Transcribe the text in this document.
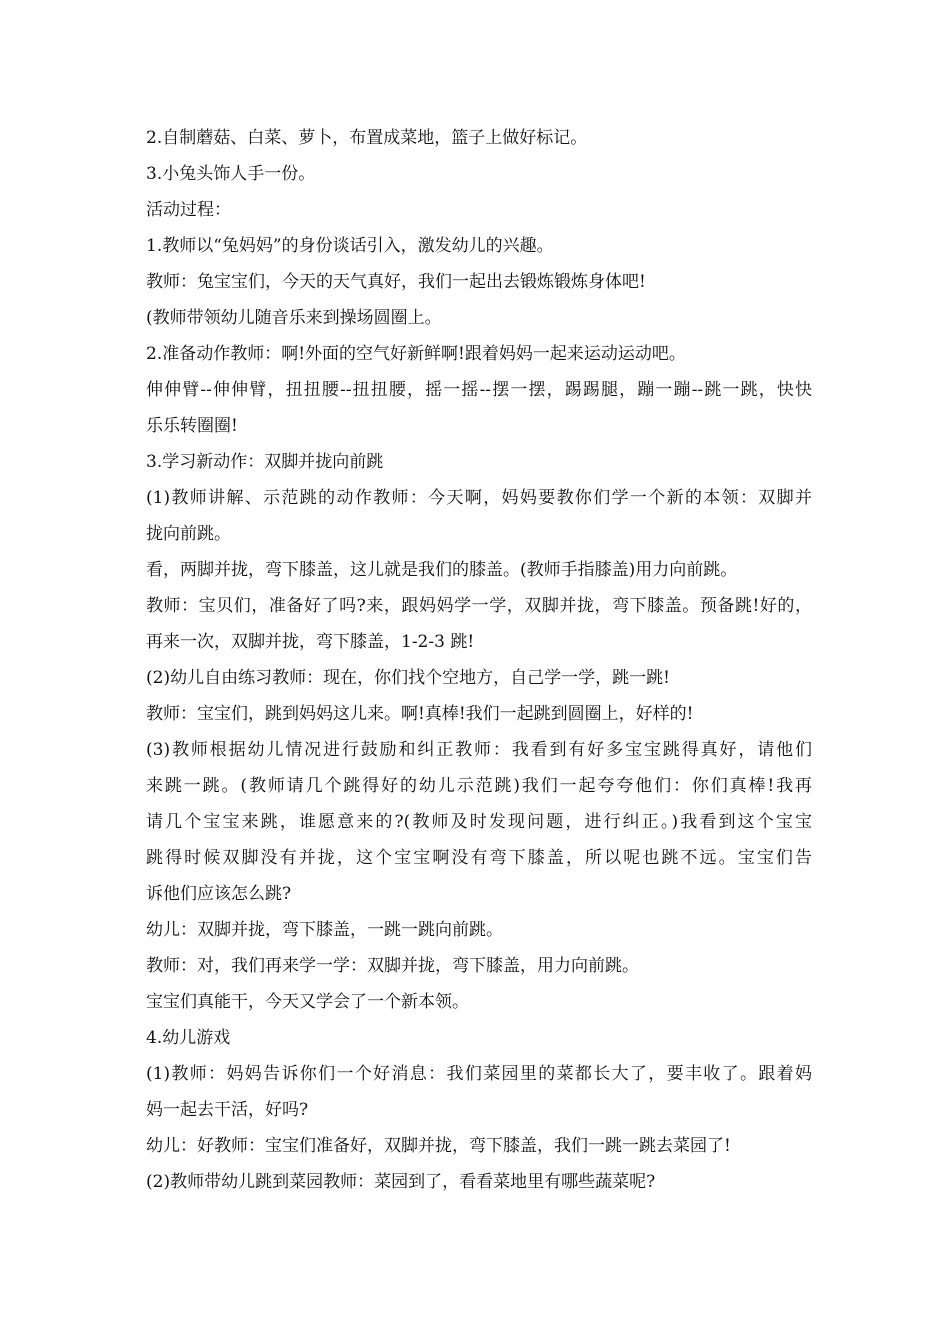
2.自制蘑菇、白菜、萝卜，布置成菜地，篮子上做好标记。

3.小兔头饰人手一份。

活动过程：

1.教师以“兔妈妈”的身份谈话引入，激发幼儿的兴趣。

教师：兔宝宝们，今天的天气真好，我们一起出去锻炼锻炼身体吧!

(教师带领幼儿随音乐来到操场圆圈上。

2.准备动作教师：啊!外面的空气好新鲜啊!跟着妈妈一起来运动运动吧。

伸伸臂--伸伸臂，扭扭腰--扭扭腰，摇一摇--摆一摆，踢踢腿，蹦一蹦--跳一跳，快快

乐乐转圈圈!

3.学习新动作：双脚并拢向前跳

(1)教师讲解、示范跳的动作教师：今天啊，妈妈要教你们学一个新的本领：双脚并

拢向前跳。

看，两脚并拢，弯下膝盖，这儿就是我们的膝盖。(教师手指膝盖)用力向前跳。

教师：宝贝们，准备好了吗?来，跟妈妈学一学，双脚并拢，弯下膝盖。预备跳!好的，

再来一次，双脚并拢，弯下膝盖，1-2-3 跳!

(2)幼儿自由练习教师：现在，你们找个空地方，自己学一学，跳一跳!

教师：宝宝们，跳到妈妈这儿来。啊!真棒!我们一起跳到圆圈上，好样的!

(3)教师根据幼儿情况进行鼓励和纠正教师：我看到有好多宝宝跳得真好，请他们

来跳一跳。(教师请几个跳得好的幼儿示范跳)我们一起夸夸他们：你们真棒!我再

请几个宝宝来跳，谁愿意来的?(教师及时发现问题，进行纠正。)我看到这个宝宝

跳得时候双脚没有并拢，这个宝宝啊没有弯下膝盖，所以呢也跳不远。宝宝们告

诉他们应该怎么跳?

幼儿：双脚并拢，弯下膝盖，一跳一跳向前跳。

教师：对，我们再来学一学：双脚并拢，弯下膝盖，用力向前跳。

宝宝们真能干，今天又学会了一个新本领。

4.幼儿游戏

(1)教师：妈妈告诉你们一个好消息：我们菜园里的菜都长大了，要丰收了。跟着妈

妈一起去干活，好吗?

幼儿：好教师：宝宝们准备好，双脚并拢，弯下膝盖，我们一跳一跳去菜园了!

(2)教师带幼儿跳到菜园教师：菜园到了，看看菜地里有哪些蔬菜呢?
